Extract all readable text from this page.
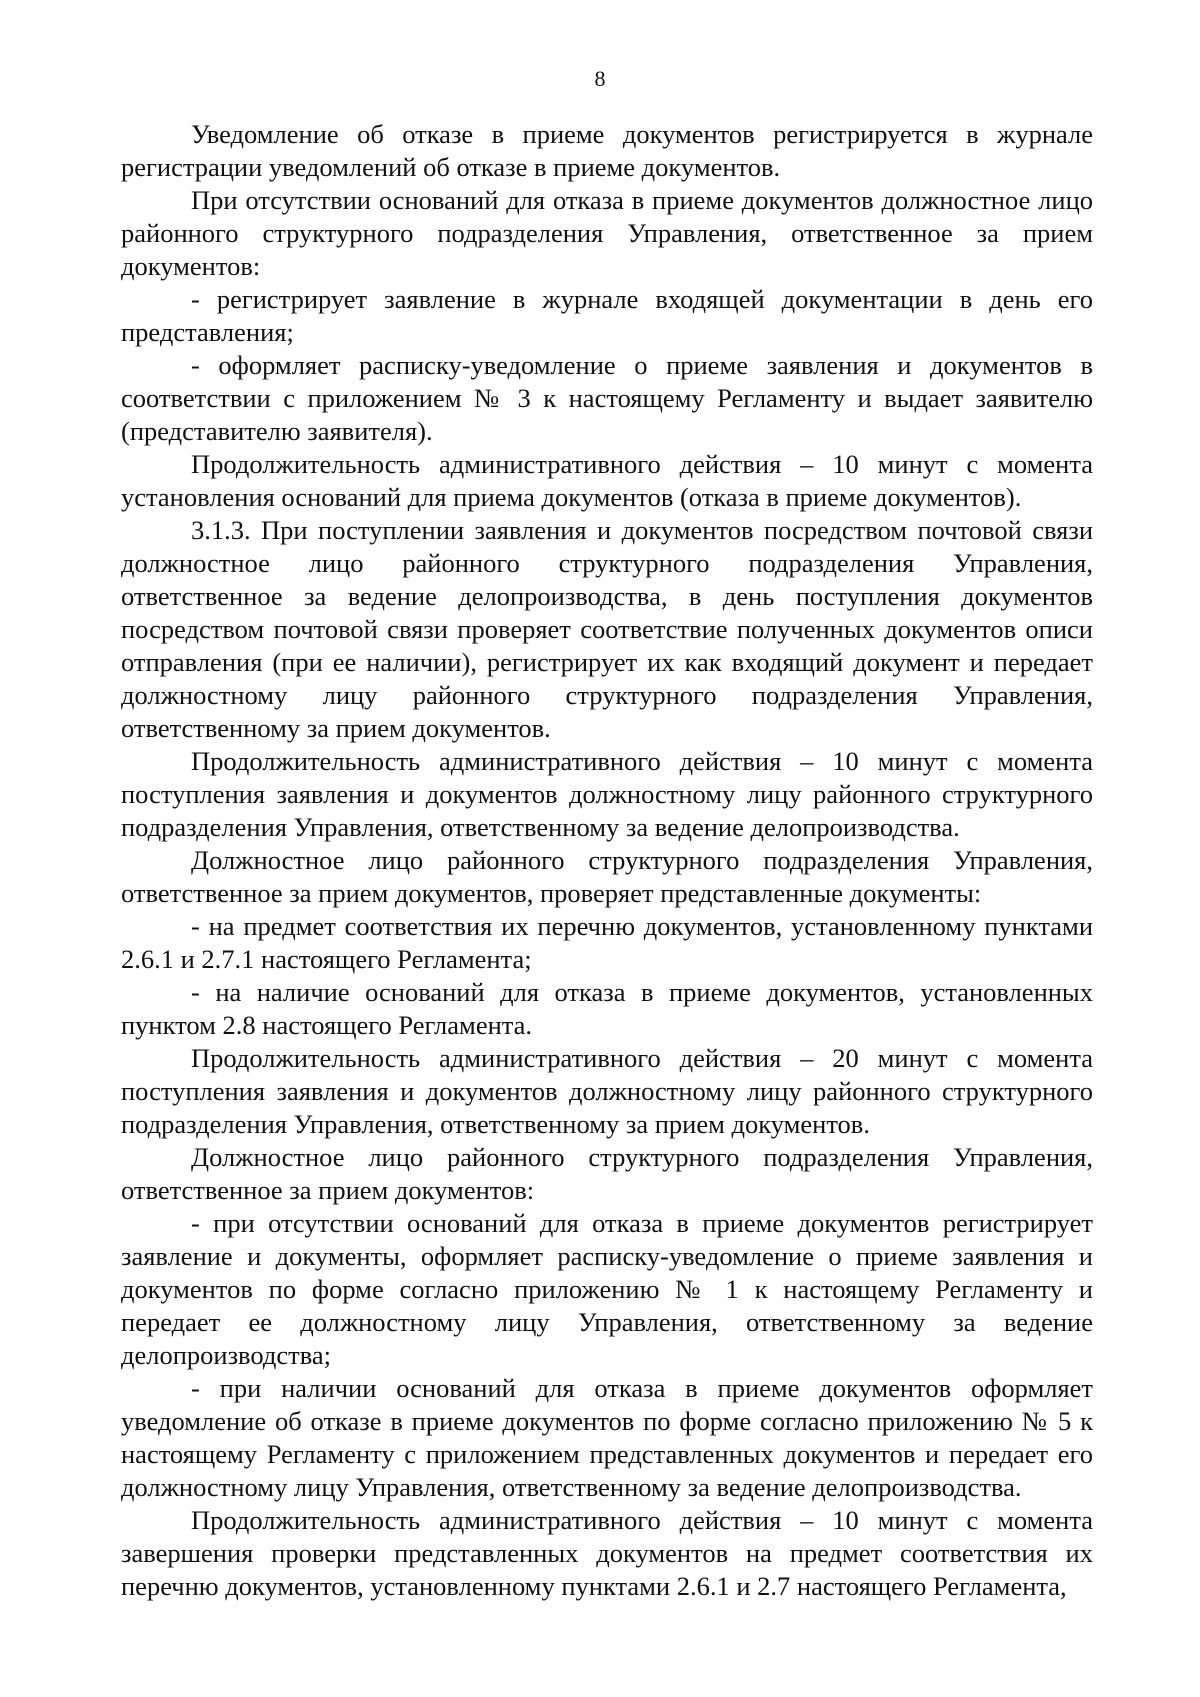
8

Уведомление об отказе в приеме документов регистрируется в журнале регистрации уведомлений об отказе в приеме документов.

При отсутствии оснований для отказа в приеме документов должностное лицо районного структурного подразделения Управления, ответственное за прием документов:

- регистрирует заявление в журнале входящей документации в день его представления;

- оформляет расписку-уведомление о приеме заявления и документов в соответствии с приложением № 3 к настоящему Регламенту и выдает заявителю (представителю заявителя).

Продолжительность административного действия – 10 минут с момента установления оснований для приема документов (отказа в приеме документов).

3.1.3. При поступлении заявления и документов посредством почтовой связи должностное лицо районного структурного подразделения Управления, ответственное за ведение делопроизводства, в день поступления документов посредством почтовой связи проверяет соответствие полученных документов описи отправления (при ее наличии), регистрирует их как входящий документ и передает должностному лицу районного структурного подразделения Управления, ответственному за прием документов.

Продолжительность административного действия – 10 минут с момента поступления заявления и документов должностному лицу районного структурного подразделения Управления, ответственному за ведение делопроизводства.

Должностное лицо районного структурного подразделения Управления, ответственное за прием документов, проверяет представленные документы:

- на предмет соответствия их перечню документов, установленному пунктами 2.6.1 и 2.7.1 настоящего Регламента;

- на наличие оснований для отказа в приеме документов, установленных пунктом 2.8 настоящего Регламента.

Продолжительность административного действия – 20 минут с момента поступления заявления и документов должностному лицу районного структурного подразделения Управления, ответственному за прием документов.

Должностное лицо районного структурного подразделения Управления, ответственное за прием документов:

- при отсутствии оснований для отказа в приеме документов регистрирует заявление и документы, оформляет расписку-уведомление о приеме заявления и документов по форме согласно приложению № 1 к настоящему Регламенту и передает ее должностному лицу Управления, ответственному за ведение делопроизводства;

- при наличии оснований для отказа в приеме документов оформляет уведомление об отказе в приеме документов по форме согласно приложению № 5 к настоящему Регламенту с приложением представленных документов и передает его должностному лицу Управления, ответственному за ведение делопроизводства.

Продолжительность административного действия – 10 минут с момента завершения проверки представленных документов на предмет соответствия их перечню документов, установленному пунктами 2.6.1 и 2.7 настоящего Регламента,
